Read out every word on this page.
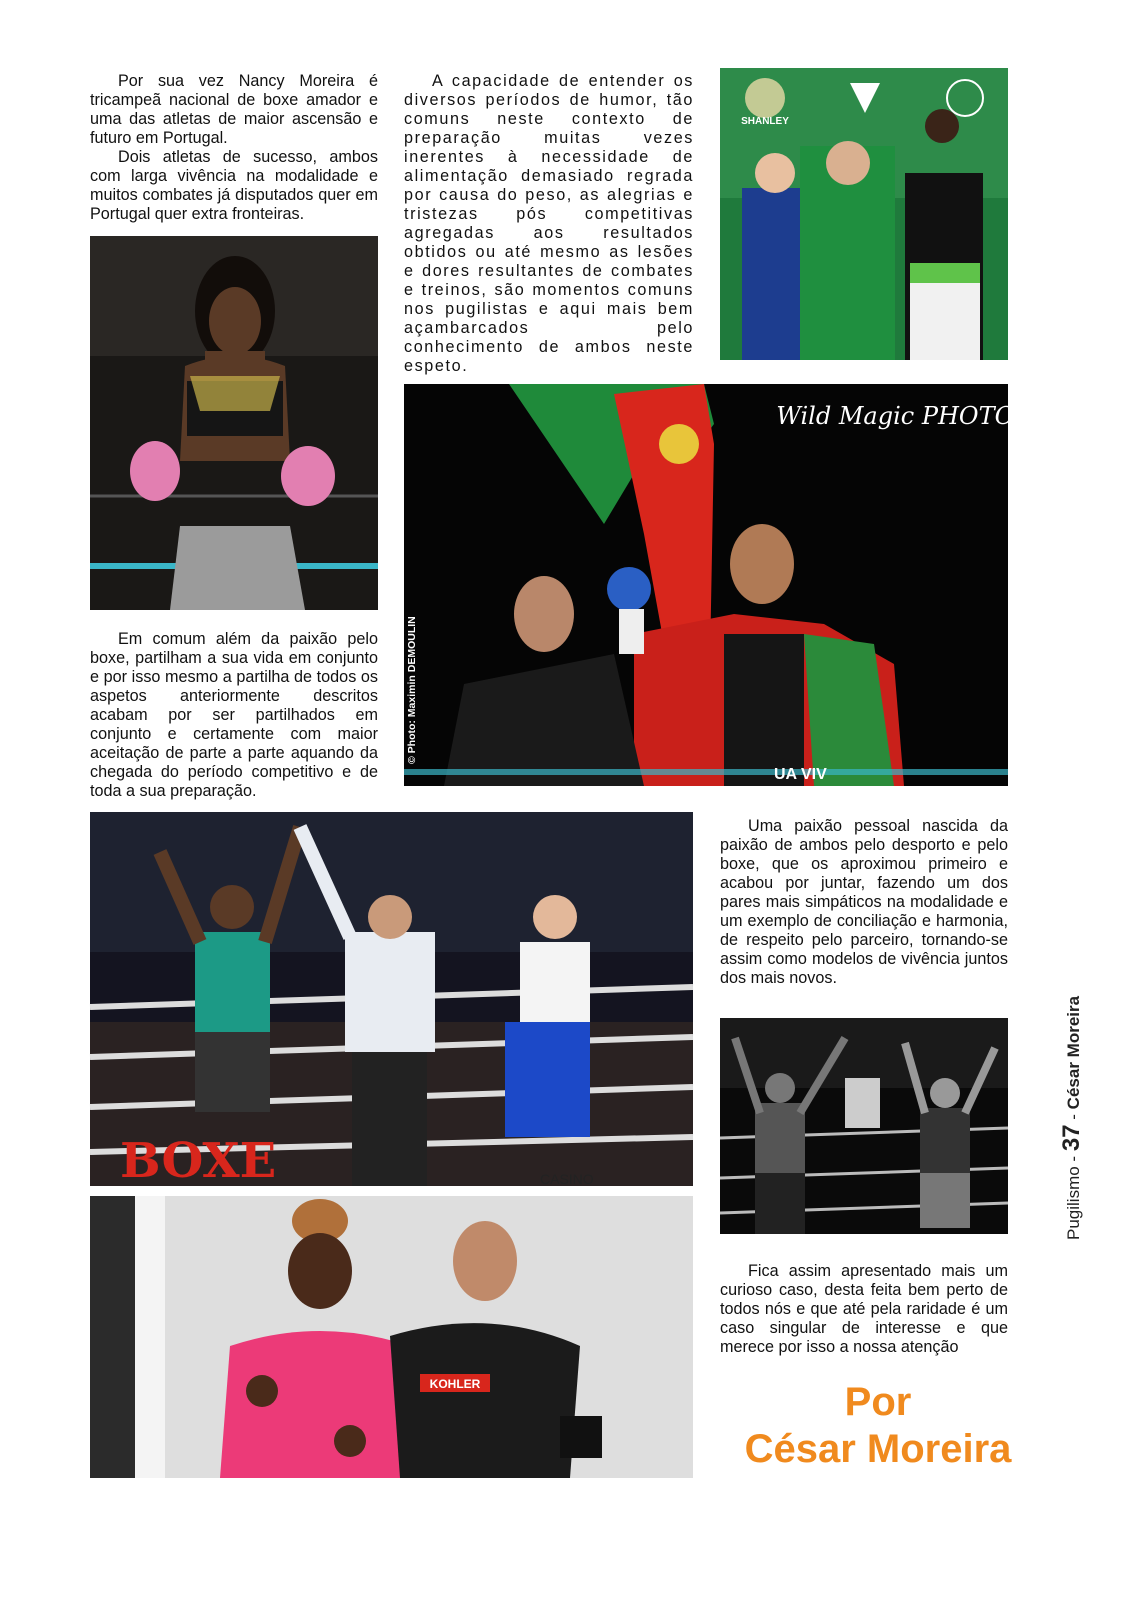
Por sua vez Nancy Moreira é tricampeã nacional de boxe amador e uma das atletas de maior ascensão e futuro em Portugal.

Dois atletas de sucesso, ambos com larga vivência na modalidade e muitos combates já disputados quer em Portugal quer extra fronteiras.

A capacidade de entender os diversos períodos de humor, tão comuns neste contexto de preparação muitas vezes inerentes à necessidade de alimentação demasiado regrada por causa do peso, as alegrias e tristezas pós competitivas agregadas aos resultados obtidos ou até mesmo as lesões e dores resultantes de combates e treinos, são momentos comuns nos pugilistas e aqui mais bem açambarcados pelo conhecimento de ambos neste espeto.

SHANLEY
Wild Magic PHOTOGRAPHY
UA VIV
© Photo: Maximin DEMOULIN

Em comum além da paixão pelo boxe, partilham a sua vida em conjunto e por isso mesmo a partilha de todos os aspetos anteriormente descritos acabam por ser partilhados em conjunto e certamente com maior aceitação de parte a parte aquando da chegada do período competitivo e de toda a sua preparação.

BOXE	CASINO

Uma paixão pessoal nascida da paixão de ambos pelo desporto e pelo boxe, que os aproximou primeiro e acabou por juntar, fazendo um dos pares mais simpáticos na modalidade e um exemplo de conciliação e harmonia, de respeito pelo parceiro, tornando-se assim como modelos de vivência juntos dos mais novos.

KOHLER

Fica assim apresentado mais um curioso caso, desta feita bem perto de todos nós e que até pela raridade é um caso singular de interesse e que merece por isso a nossa atenção

Por
César Moreira
Pugilismo - 37 - César Moreira
